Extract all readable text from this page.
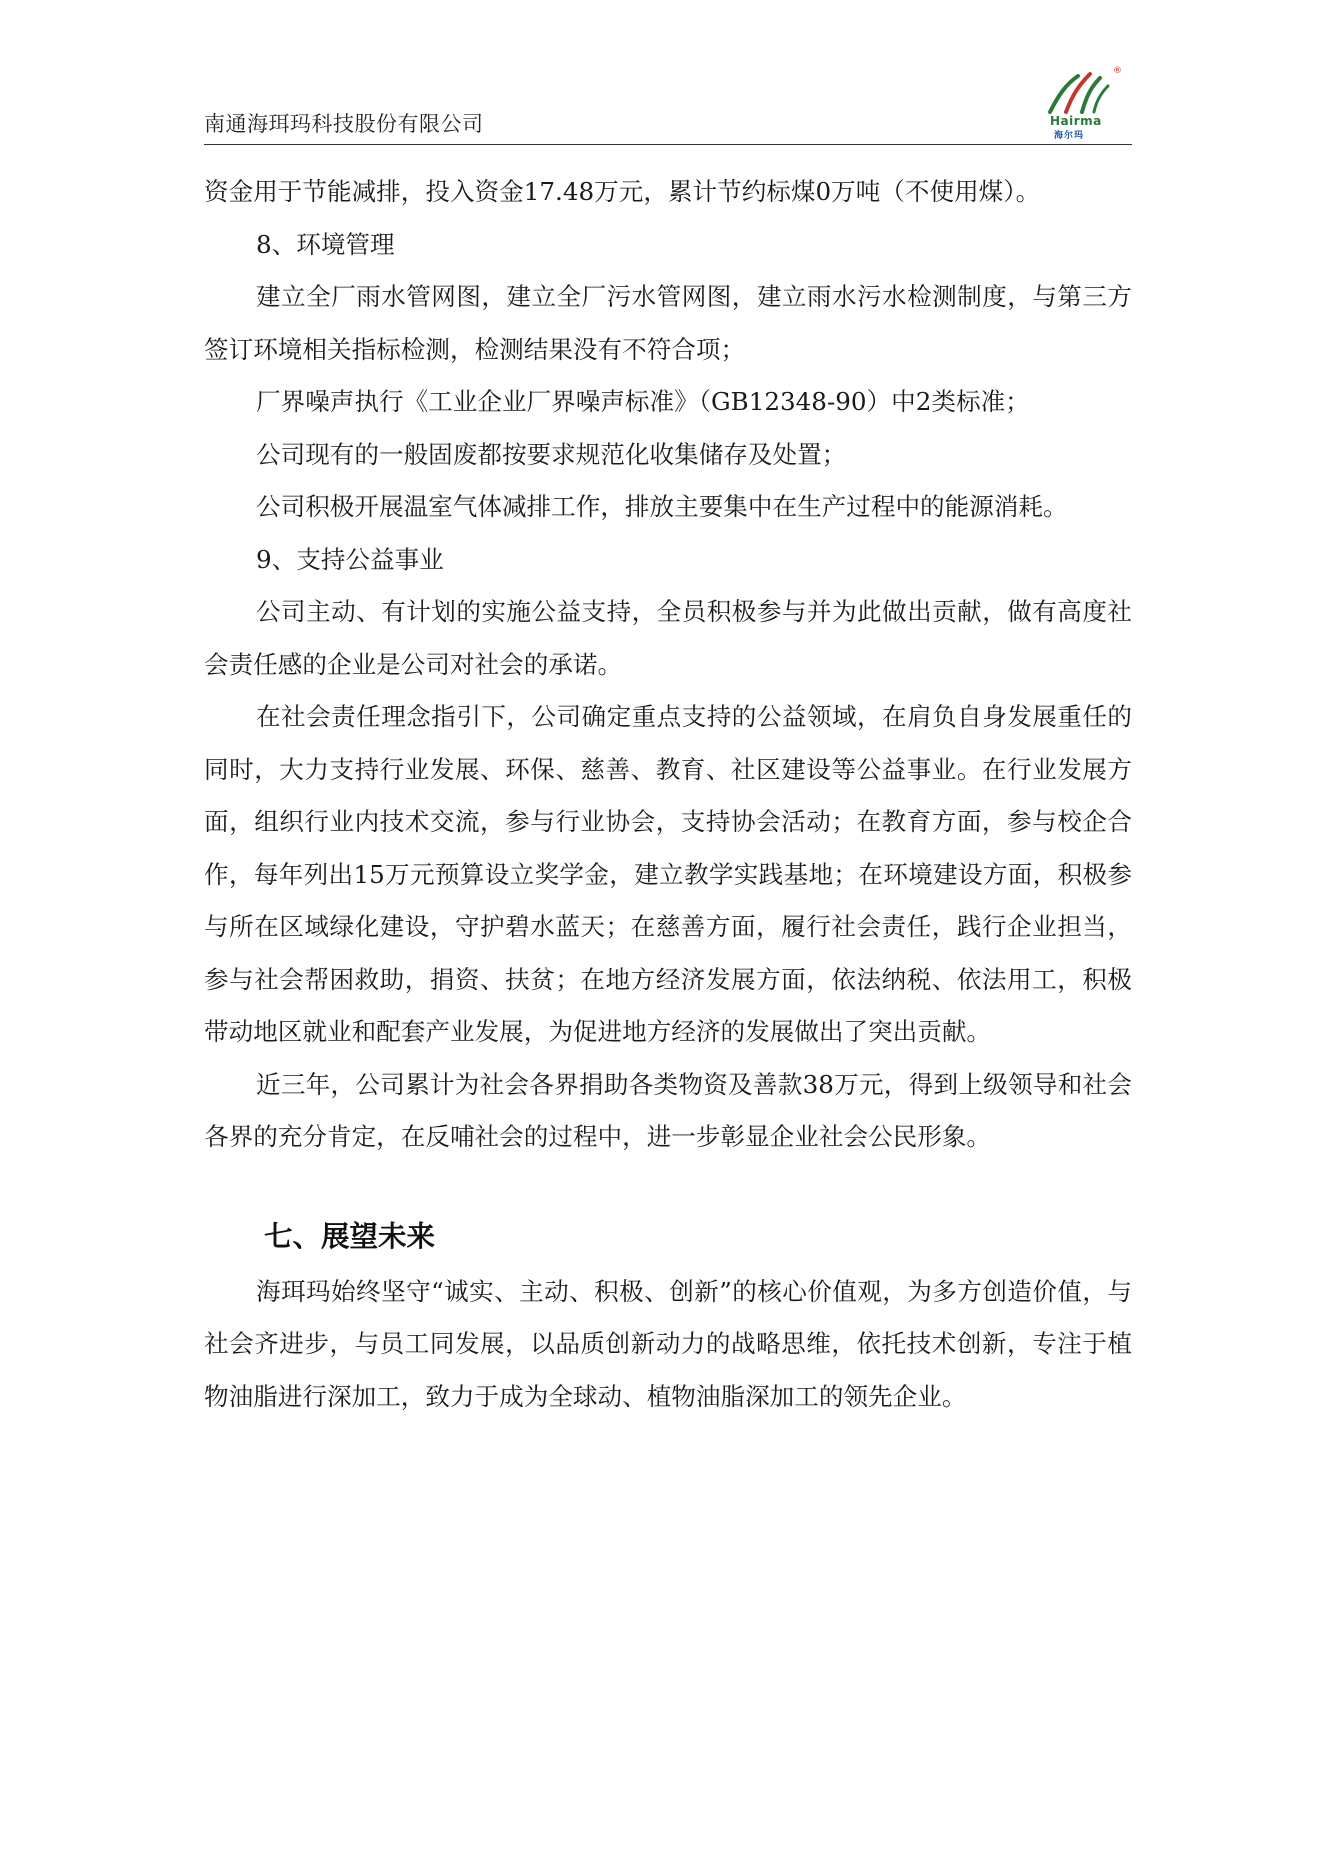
南通海珥玛科技股份有限公司
®
Hairma
海尔玛

资金用于节能减排，投入资金17.48万元，累计节约标煤0万吨（不使用煤）。

8、环境管理

建立全厂雨水管网图，建立全厂污水管网图，建立雨水污水检测制度，与第三方签订环境相关指标检测，检测结果没有不符合项；

厂界噪声执行《工业企业厂界噪声标准》（GB12348-90）中2类标准；

公司现有的一般固废都按要求规范化收集储存及处置；

公司积极开展温室气体减排工作，排放主要集中在生产过程中的能源消耗。

9、支持公益事业

公司主动、有计划的实施公益支持，全员积极参与并为此做出贡献，做有高度社会责任感的企业是公司对社会的承诺。

在社会责任理念指引下，公司确定重点支持的公益领域，在肩负自身发展重任的同时，大力支持行业发展、环保、慈善、教育、社区建设等公益事业。在行业发展方面，组织行业内技术交流，参与行业协会，支持协会活动；在教育方面，参与校企合作，每年列出15万元预算设立奖学金，建立教学实践基地；在环境建设方面，积极参与所在区域绿化建设，守护碧水蓝天；在慈善方面，履行社会责任，践行企业担当，参与社会帮困救助，捐资、扶贫；在地方经济发展方面，依法纳税、依法用工，积极带动地区就业和配套产业发展，为促进地方经济的发展做出了突出贡献。

近三年，公司累计为社会各界捐助各类物资及善款38万元，得到上级领导和社会各界的充分肯定，在反哺社会的过程中，进一步彰显企业社会公民形象。

七、展望未来

海珥玛始终坚守“诚实、主动、积极、创新”的核心价值观，为多方创造价值，与社会齐进步，与员工同发展，以品质创新动力的战略思维，依托技术创新，专注于植物油脂进行深加工，致力于成为全球动、植物油脂深加工的领先企业。
